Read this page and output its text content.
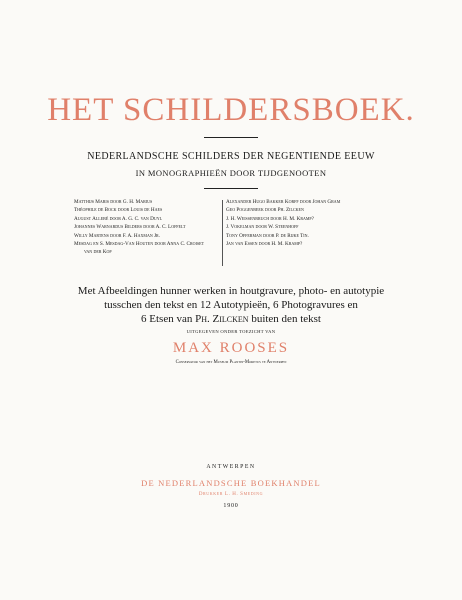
HET SCHILDERSBOEK.
NEDERLANDSCHE SCHILDERS DER NEGENTIENDE EEUW
IN MONOGRAPHIEËN DOOR TIJDGENOOTEN
Matthijs Maris door G. H. Marius
Théophile de Bock door Louis de Haes
August Allebé door A. G. C. van Duyl
Johannes Warnardus Bilders door A. C. Loffelt
Willy Martens door F. A. Haxman Jr.
Mesdag en S. Mesdag-Van Houten door Anna C. Croiset
van der Kop
Alexander Hugo Bakker Korff door Johan Gram
Geo Poggenbeek door Ph. Zilcken
J. H. Weissenbruch door H. M. Kramp?
J. Vokelman door W. Steenhoff
Tony Offerman door P. de Rijke Tin.
Jan van Essen door H. M. Kramp?
Met Afbeeldingen hunner werken in houtgravure, photo- en autotypie
tusschen den tekst en 12 Autotypieën, 6 Photogravures en
6 Etsen van Ph. Zilcken buiten den tekst
UITGEGEVEN ONDER TOEZICHT VAN
MAX ROOSES
Conservator van het Museum Plantin-Moretus te Antwerpen
ANTWERPEN
DE NEDERLANDSCHE BOEKHANDEL
Drukker L. H. Smeding
1900
